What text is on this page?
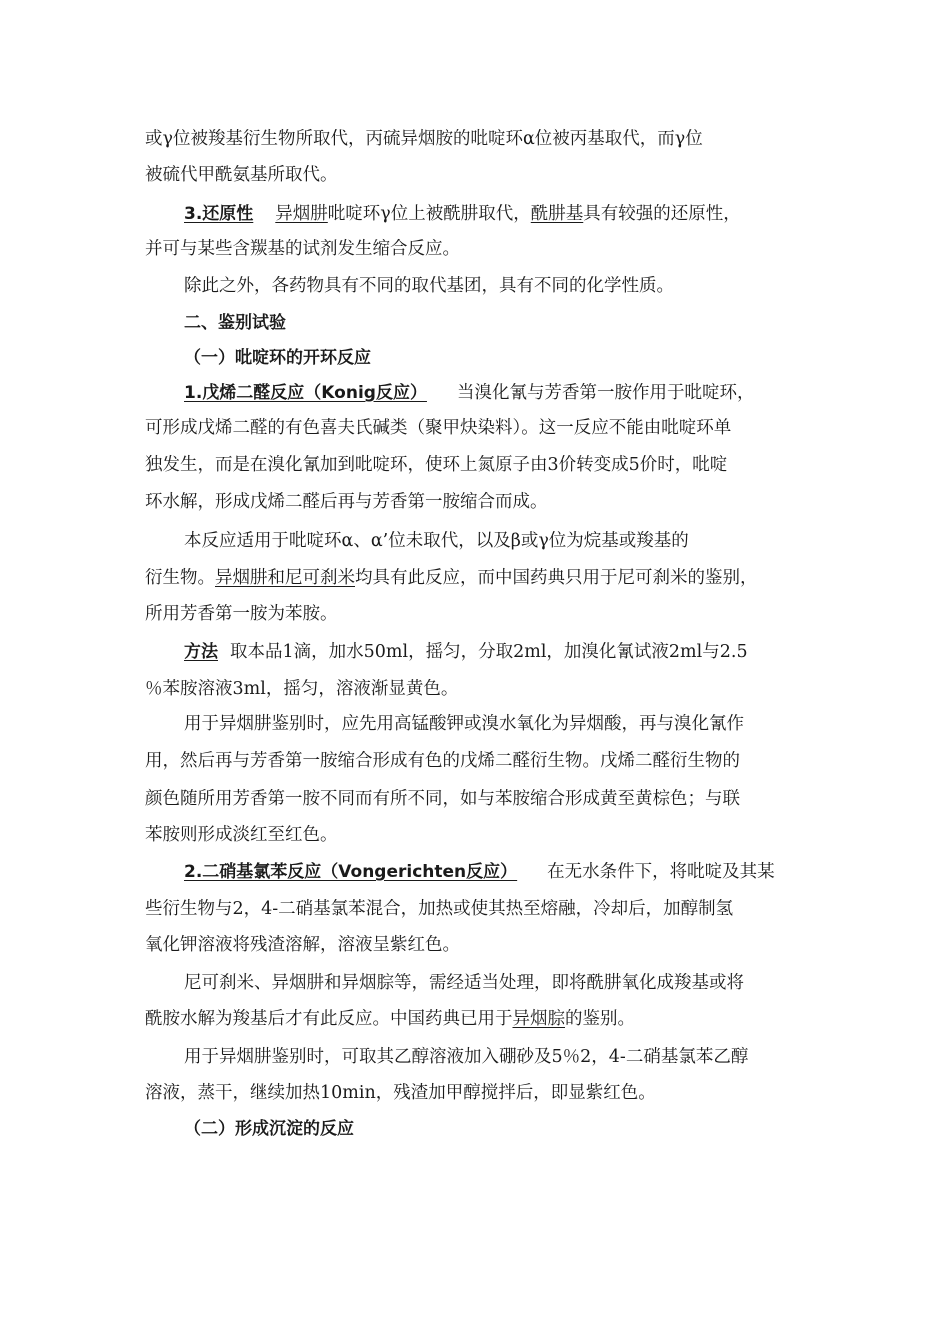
或γ位被羧基衍生物所取代，丙硫异烟胺的吡啶环α位被丙基取代，而γ位
被硫代甲酰氨基所取代。
3.还原性 异烟肼吡啶环γ位上被酰肼取代，酰肼基具有较强的还原性，
并可与某些含羰基的试剂发生缩合反应。
除此之外，各药物具有不同的取代基团，具有不同的化学性质。
二、鉴别试验
（一）吡啶环的开环反应
1.戊烯二醛反应（Konig反应） 当溴化氰与芳香第一胺作用于吡啶环，
可形成戊烯二醛的有色喜夫氏碱类（聚甲炔染料）。这一反应不能由吡啶环单
独发生，而是在溴化氰加到吡啶环，使环上氮原子由3价转变成5价时，吡啶
环水解，形成戊烯二醛后再与芳香第一胺缩合而成。
本反应适用于吡啶环α、α’位未取代，以及β或γ位为烷基或羧基的
衍生物。异烟肼和尼可刹米均具有此反应，而中国药典只用于尼可刹米的鉴别，
所用芳香第一胺为苯胺。
方法 取本品1滴，加水50ml，摇匀，分取2ml，加溴化氰试液2ml与2.5
％苯胺溶液3ml，摇匀，溶液渐显黄色。
用于异烟肼鉴别时，应先用高锰酸钾或溴水氧化为异烟酸，再与溴化氰作
用，然后再与芳香第一胺缩合形成有色的戊烯二醛衍生物。戊烯二醛衍生物的
颜色随所用芳香第一胺不同而有所不同，如与苯胺缩合形成黄至黄棕色；与联
苯胺则形成淡红至红色。
2.二硝基氯苯反应（Vongerichten反应） 在无水条件下，将吡啶及其某
些衍生物与2，4-二硝基氯苯混合，加热或使其热至熔融，冷却后，加醇制氢
氧化钾溶液将残渣溶解，溶液呈紫红色。
尼可刹米、异烟肼和异烟腙等，需经适当处理，即将酰肼氧化成羧基或将
酰胺水解为羧基后才有此反应。中国药典已用于异烟腙的鉴别。
用于异烟肼鉴别时，可取其乙醇溶液加入硼砂及5％2，4-二硝基氯苯乙醇
溶液，蒸干，继续加热10min，残渣加甲醇搅拌后，即显紫红色。
（二）形成沉淀的反应
